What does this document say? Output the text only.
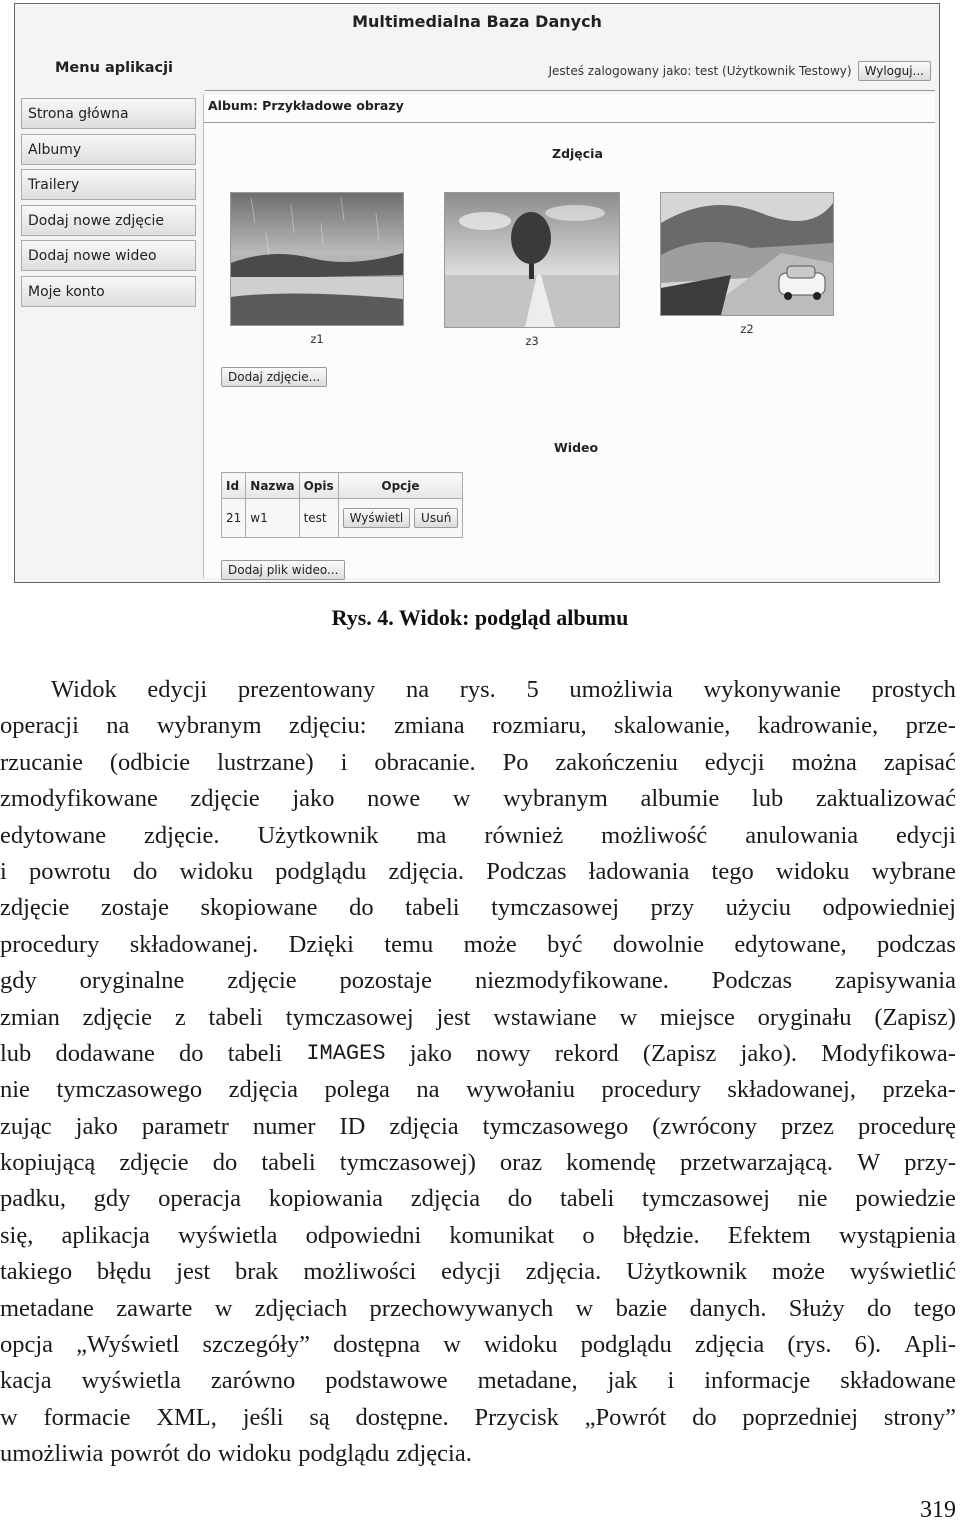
Multimedialna Baza Danych
Menu aplikacji	Jesteś zalogowany jako: test (Użytkownik Testowy)	Wyloguj...
Strona główna
Albumy
Trailery
Dodaj nowe zdjęcie
Dodaj nowe wideo
Moje konto
Album: Przykładowe obrazy
Zdjęcia
z1	z3
z2
Dodaj zdjęcie...
Wideo
Id	Nazwa	Opis	Opcje
21	w1	test	Wyświetl Usuń
Dodaj plik wideo...
Rys. 4. Widok: podgląd albumu
Widok edycji prezentowany na rys. 5 umożliwia wykonywanie prostych
operacji na wybranym zdjęciu: zmiana rozmiaru, skalowanie, kadrowanie, prze-
rzucanie (odbicie lustrzane) i obracanie. Po zakończeniu edycji można zapisać
zmodyfikowane zdjęcie jako nowe w wybranym albumie lub zaktualizować
edytowane zdjęcie. Użytkownik ma również możliwość anulowania edycji
i powrotu do widoku podglądu zdjęcia. Podczas ładowania tego widoku wybrane
zdjęcie zostaje skopiowane do tabeli tymczasowej przy użyciu odpowiedniej
procedury składowanej. Dzięki temu może być dowolnie edytowane, podczas
gdy oryginalne zdjęcie pozostaje niezmodyfikowane. Podczas zapisywania
zmian zdjęcie z tabeli tymczasowej jest wstawiane w miejsce oryginału (Zapisz)
lub dodawane do tabeli IMAGES jako nowy rekord (Zapisz jako). Modyfikowa-
nie tymczasowego zdjęcia polega na wywołaniu procedury składowanej, przeka-
zując jako parametr numer ID zdjęcia tymczasowego (zwrócony przez procedurę
kopiującą zdjęcie do tabeli tymczasowej) oraz komendę przetwarzającą. W przy-
padku, gdy operacja kopiowania zdjęcia do tabeli tymczasowej nie powiedzie
się, aplikacja wyświetla odpowiedni komunikat o błędzie. Efektem wystąpienia
takiego błędu jest brak możliwości edycji zdjęcia. Użytkownik może wyświetlić
metadane zawarte w zdjęciach przechowywanych w bazie danych. Służy do tego
opcja „Wyświetl szczegóły” dostępna w widoku podglądu zdjęcia (rys. 6). Apli-
kacja wyświetla zarówno podstawowe metadane, jak i informacje składowane
w formacie XML, jeśli są dostępne. Przycisk „Powrót do poprzedniej strony”
umożliwia powrót do widoku podglądu zdjęcia.
319
